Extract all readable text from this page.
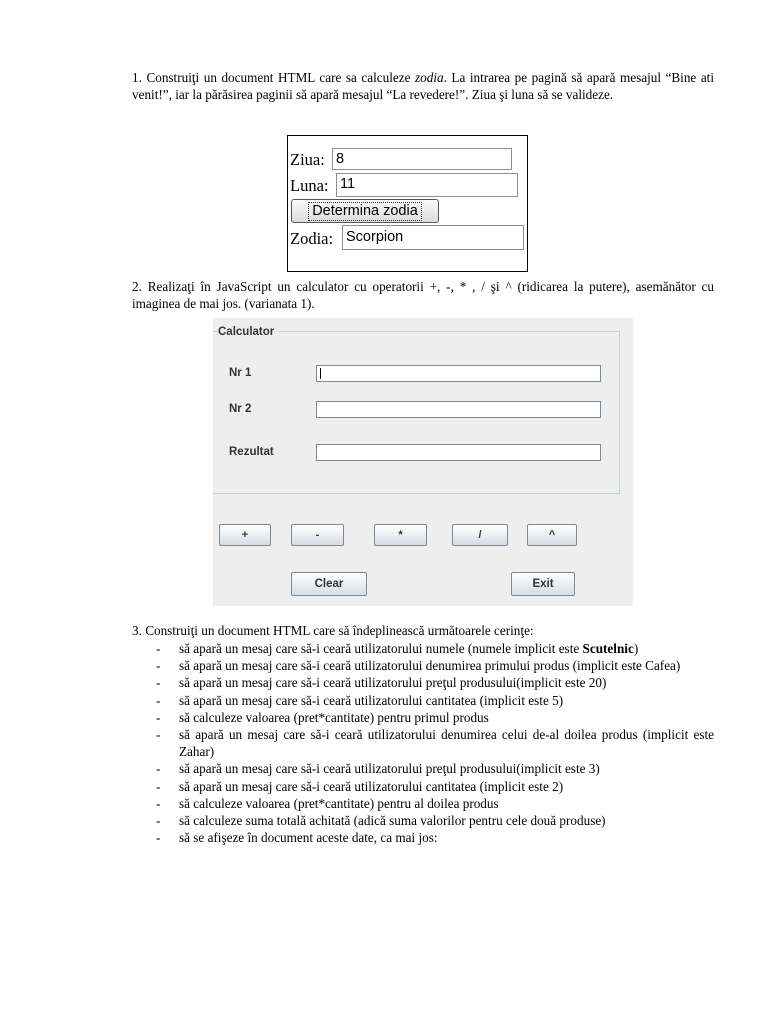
1. Construiţi un document HTML care sa calculeze zodia. La intrarea pe pagină să apară mesajul “Bine ati venit!”, iar la părăsirea paginii să apară mesajul “La revedere!”. Ziua şi luna să se valideze.
Ziua: 8
Luna: 11
Determina zodia
Zodia: Scorpion
2. Realizaţi în JavaScript un calculator cu operatorii +, -, * , / şi ^ (ridicarea la putere), asemănător cu imaginea de mai jos. (varianata 1).
Calculator
Nr 1
Nr 2
Rezultat
+	-	*	/	^
Clear	Exit
3. Construiţi un document HTML care să îndeplinească următoarele cerinţe:
- să apară un mesaj care să-i ceară utilizatorului numele (numele implicit este Scutelnic)
- să apară un mesaj care să-i ceară utilizatorului denumirea primului produs (implicit este Cafea)
- să apară un mesaj care să-i ceară utilizatorului preţul produsului(implicit este 20)
- să apară un mesaj care să-i ceară utilizatorului cantitatea (implicit este 5)
- să calculeze valoarea (pret*cantitate) pentru primul produs
- să apară un mesaj care să-i ceară utilizatorului denumirea celui de-al doilea produs (implicit este Zahar)
- să apară un mesaj care să-i ceară utilizatorului preţul produsului(implicit este 3)
- să apară un mesaj care să-i ceară utilizatorului cantitatea (implicit este 2)
- să calculeze valoarea (pret*cantitate) pentru al doilea produs
- să calculeze suma totală achitată (adică suma valorilor pentru cele două produse)
- să se afişeze în document aceste date, ca mai jos:
